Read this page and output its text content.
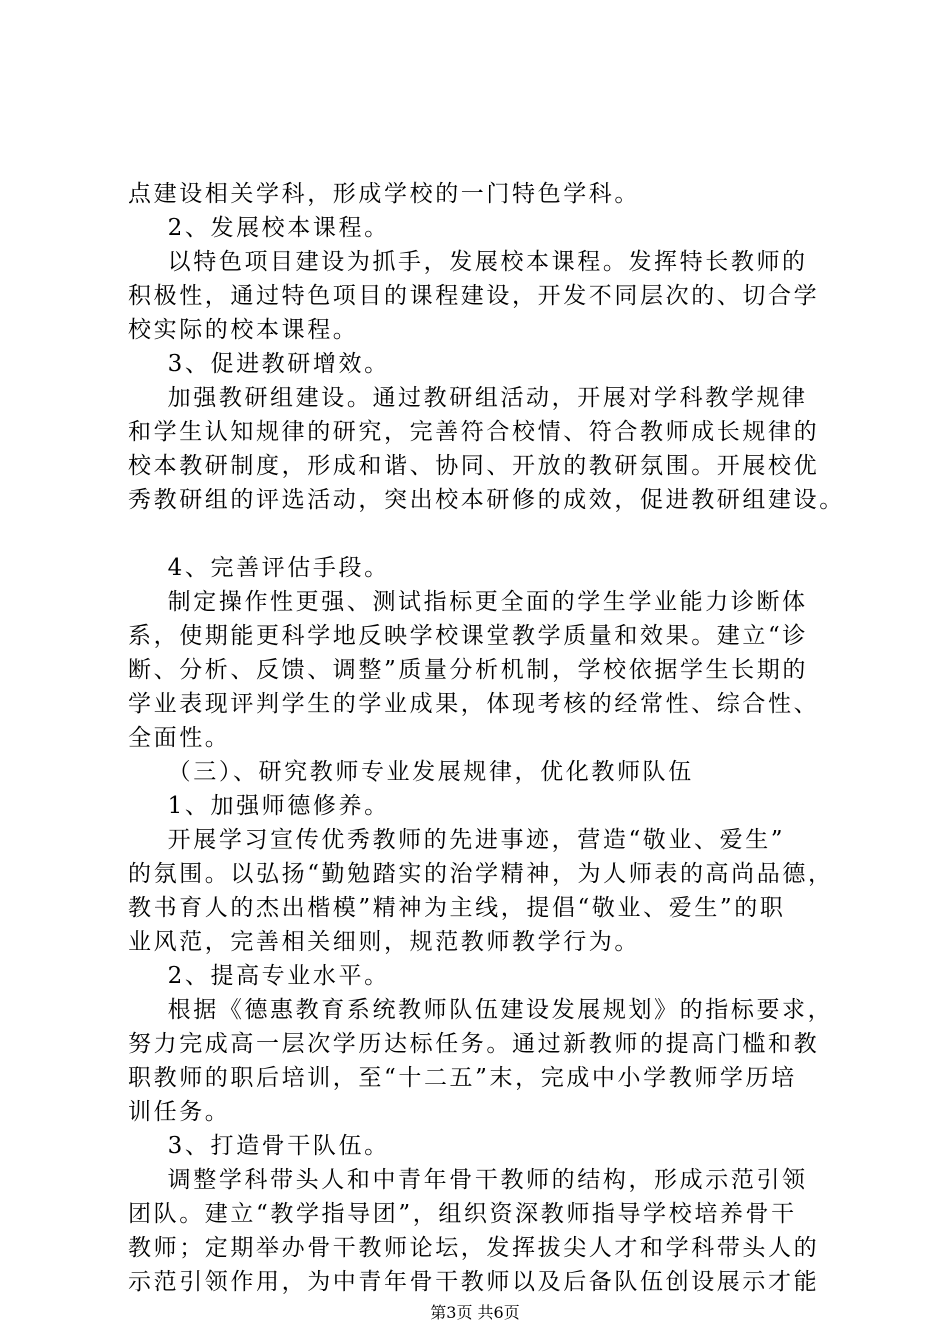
点建设相关学科，形成学校的一门特色学科。
2、发展校本课程。
以特色项目建设为抓手，发展校本课程。发挥特长教师的
积极性，通过特色项目的课程建设，开发不同层次的、切合学
校实际的校本课程。
3、促进教研增效。
加强教研组建设。通过教研组活动，开展对学科教学规律
和学生认知规律的研究，完善符合校情、符合教师成长规律的
校本教研制度，形成和谐、协同、开放的教研氛围。开展校优
秀教研组的评选活动，突出校本研修的成效，促进教研组建设。
4、完善评估手段。
制定操作性更强、测试指标更全面的学生学业能力诊断体
系，使期能更科学地反映学校课堂教学质量和效果。建立“诊
断、分析、反馈、调整”质量分析机制，学校依据学生长期的
学业表现评判学生的学业成果，体现考核的经常性、综合性、
全面性。
（三）、研究教师专业发展规律，优化教师队伍
1、加强师德修养。
开展学习宣传优秀教师的先进事迹，营造“敬业、爱生”
的氛围。以弘扬“勤勉踏实的治学精神，为人师表的高尚品德，
教书育人的杰出楷模”精神为主线，提倡“敬业、爱生”的职
业风范，完善相关细则，规范教师教学行为。
2、提高专业水平。
根据《德惠教育系统教师队伍建设发展规划》的指标要求，
努力完成高一层次学历达标任务。通过新教师的提高门槛和教
职教师的职后培训，至“十二五”末，完成中小学教师学历培
训任务。
3、打造骨干队伍。
调整学科带头人和中青年骨干教师的结构，形成示范引领
团队。建立“教学指导团”，组织资深教师指导学校培养骨干
教师；定期举办骨干教师论坛，发挥拔尖人才和学科带头人的
示范引领作用，为中青年骨干教师以及后备队伍创设展示才能
第3页 共6页
